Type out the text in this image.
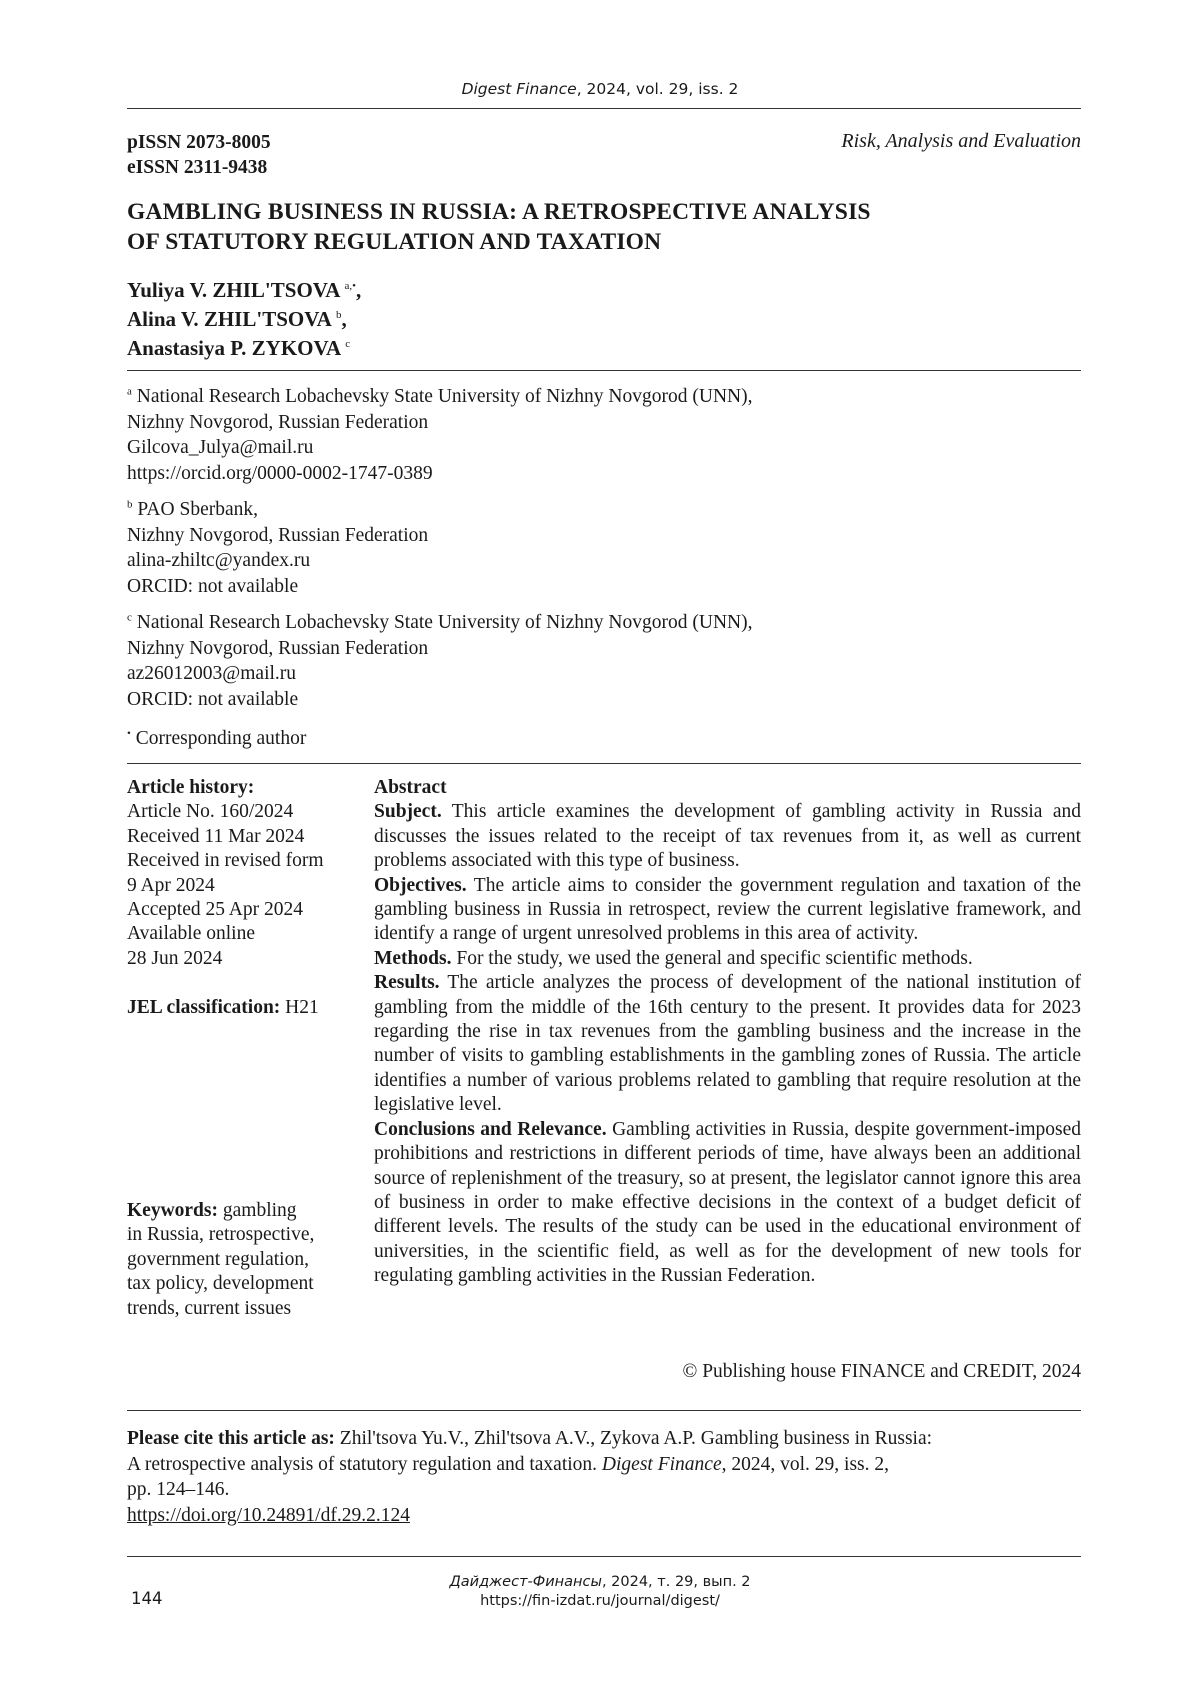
Digest Finance, 2024, vol. 29, iss. 2
pISSN 2073-8005
eISSN 2311-9438
Risk, Analysis and Evaluation
GAMBLING BUSINESS IN RUSSIA: A RETROSPECTIVE ANALYSIS
OF STATUTORY REGULATION AND TAXATION
Yuliya V. ZHIL'TSOVA $^{a,•}$,
Alina V. ZHIL'TSOVA $^b$,
Anastasiya P. ZYKOVA $^c$
$^a$ National Research Lobachevsky State University of Nizhny Novgorod (UNN),
Nizhny Novgorod, Russian Federation
Gilcova_Julya@mail.ru
https://orcid.org/0000-0002-1747-0389
$^b$ PAO Sberbank,
Nizhny Novgorod, Russian Federation
alina-zhiltc@yandex.ru
ORCID: not available
$^c$ National Research Lobachevsky State University of Nizhny Novgorod (UNN),
Nizhny Novgorod, Russian Federation
az26012003@mail.ru
ORCID: not available
• Corresponding author
Article history:
Article No. 160/2024
Received 11 Mar 2024
Received in revised form
9 Apr 2024
Accepted 25 Apr 2024
Available online
28 Jun 2024
JEL classification: H21
Keywords: gambling
in Russia, retrospective,
government regulation,
tax policy, development
trends, current issues

Abstract

Subject. This article examines the development of gambling activity in Russia and discusses the issues related to the receipt of tax revenues from it, as well as current problems associated with this type of business.

Objectives. The article aims to consider the government regulation and taxation of the gambling business in Russia in retrospect, review the current legislative framework, and identify a range of urgent unresolved problems in this area of activity.

Methods. For the study, we used the general and specific scientific methods.

Results. The article analyzes the process of development of the national institution of gambling from the middle of the 16th century to the present. It provides data for 2023 regarding the rise in tax revenues from the gambling business and the increase in the number of visits to gambling establishments in the gambling zones of Russia. The article identifies a number of various problems related to gambling that require resolution at the legislative level.

Conclusions and Relevance. Gambling activities in Russia, despite government-imposed prohibitions and restrictions in different periods of time, have always been an additional source of replenishment of the treasury, so at present, the legislator cannot ignore this area of business in order to make effective decisions in the context of a budget deficit of different levels. The results of the study can be used in the educational environment of universities, in the scientific field, as well as for the development of new tools for regulating gambling activities in the Russian Federation.

© Publishing house FINANCE and CREDIT, 2024
Please cite this article as: Zhil'tsova Yu.V., Zhil'tsova A.V., Zykova A.P. Gambling business in Russia:
A retrospective analysis of statutory regulation and taxation. Digest Finance, 2024, vol. 29, iss. 2,
pp. 124–146.
https://doi.org/10.24891/df.29.2.124
Дайджест-Финансы, 2024, т. 29, вып. 2
https://fin-izdat.ru/journal/digest/
144
